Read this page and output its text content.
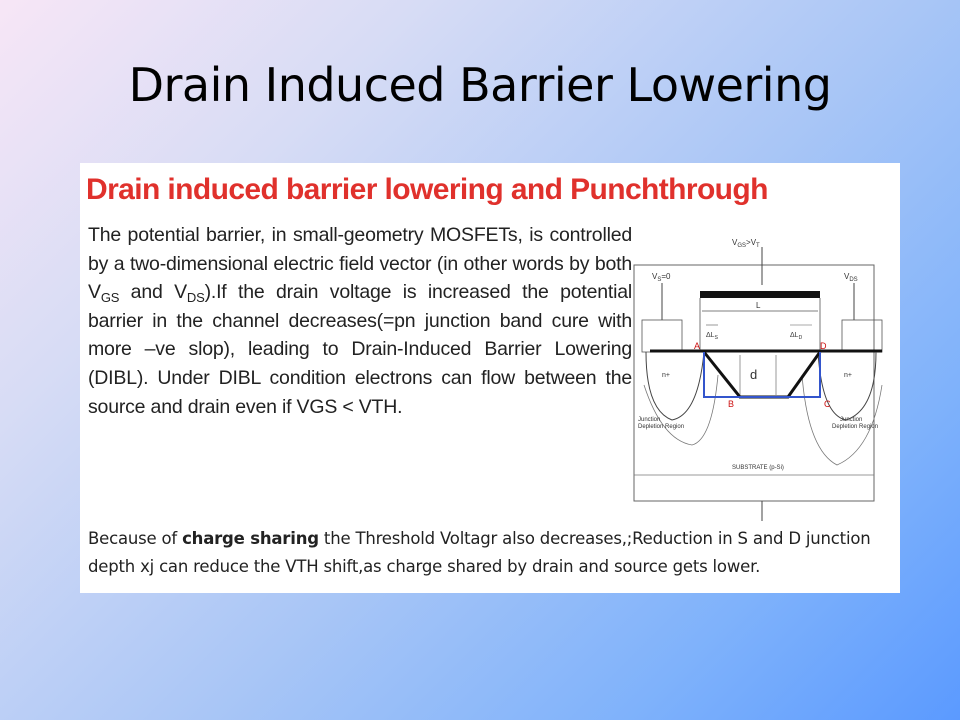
Drain Induced Barrier Lowering
Drain induced barrier lowering and Punchthrough
The potential barrier, in small-geometry MOSFETs, is controlled by a two-dimensional electric field vector (in other words by both $V_{GS}$ and $V_{DS}).If$ the drain voltage is increased the potential barrier in the channel decreases(=pn junction band cure with more –ve slop), leading to Drain-Induced Barrier Lowering (DIBL). Under DIBL condition electrons can flow between the source and drain even if VGS < VTH.
$V_{GS}>V_T$
$V_S=0$	$V_{DS}$
L
$\Delta L_S$	$\Delta L_D$
n+	n+
d
A	D
B	C
Junction
Depletion Region
Junction
Depletion Region
SUBSTRATE (p-Si)
Because of charge sharing the Threshold Voltagr also decreases,;Reduction in S and D junction depth xj can reduce the VTH shift,as charge shared by drain and source gets lower.
